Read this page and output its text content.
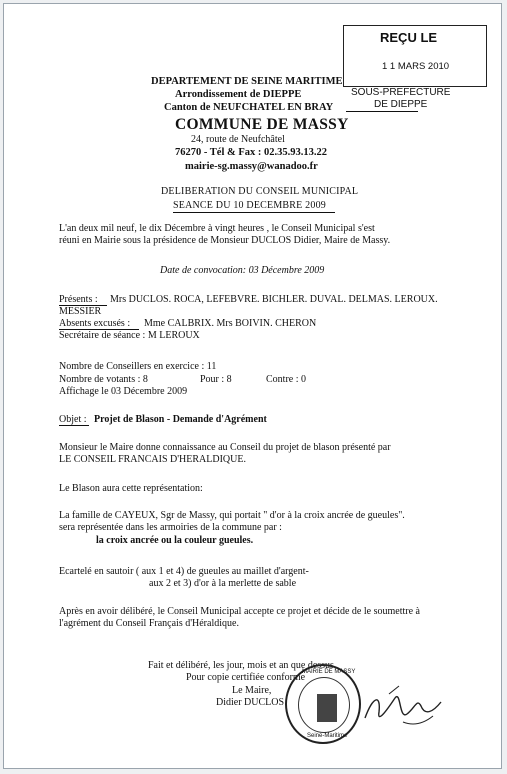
REÇU LE
1 1 MARS 2010
SOUS-PREFECTURE
DE DIEPPE
DEPARTEMENT DE SEINE MARITIME
Arrondissement de DIEPPE
Canton de NEUFCHATEL EN BRAY
COMMUNE DE MASSY
24, route de Neufchâtel
76270 - Tél & Fax : 02.35.93.13.22
mairie-sg.massy@wanadoo.fr
DELIBERATION DU CONSEIL MUNICIPAL
SEANCE DU 10 DECEMBRE 2009
L'an deux mil neuf, le dix Décembre à vingt heures , le Conseil Municipal s'est
réuni en Mairie sous la présidence de Monsieur DUCLOS Didier, Maire de Massy.
Date de convocation: 03 Décembre 2009
Présents : Mrs DUCLOS. ROCA, LEFEBVRE. BICHLER. DUVAL. DELMAS. LEROUX.
MESSIER
Absents excusés : Mme CALBRIX. Mrs BOIVIN. CHERON
Secrétaire de séance : M LEROUX
Nombre de Conseillers en exercice : 11
Nombre de votants : 8	Pour : 8	Contre : 0
Affichage le 03 Décembre 2009
Objet : Projet de Blason - Demande d'Agrément
Monsieur le Maire donne connaissance au Conseil du projet de blason présenté par
LE CONSEIL FRANCAIS D'HERALDIQUE.
Le Blason aura cette représentation:
La famille de CAYEUX, Sgr de Massy, qui portait " d'or à la croix ancrée de gueules".
sera représentée dans les armoiries de la commune par :
la croix ancrée ou la couleur gueules.
Ecartelé en sautoir ( aux 1 et 4) de gueules au maillet d'argent-
aux 2 et 3) d'or à la merlette de sable
Après en avoir délibéré, le Conseil Municipal accepte ce projet et décide de le soumettre à
l'agrément du Conseil Français d'Héraldique.
Fait et délibéré, les jour, mois et an que dessus.
Pour copie certifiée conforme
Le Maire,
Didier DUCLOS
MAIRIE DE MASSY
Seine-Maritime
